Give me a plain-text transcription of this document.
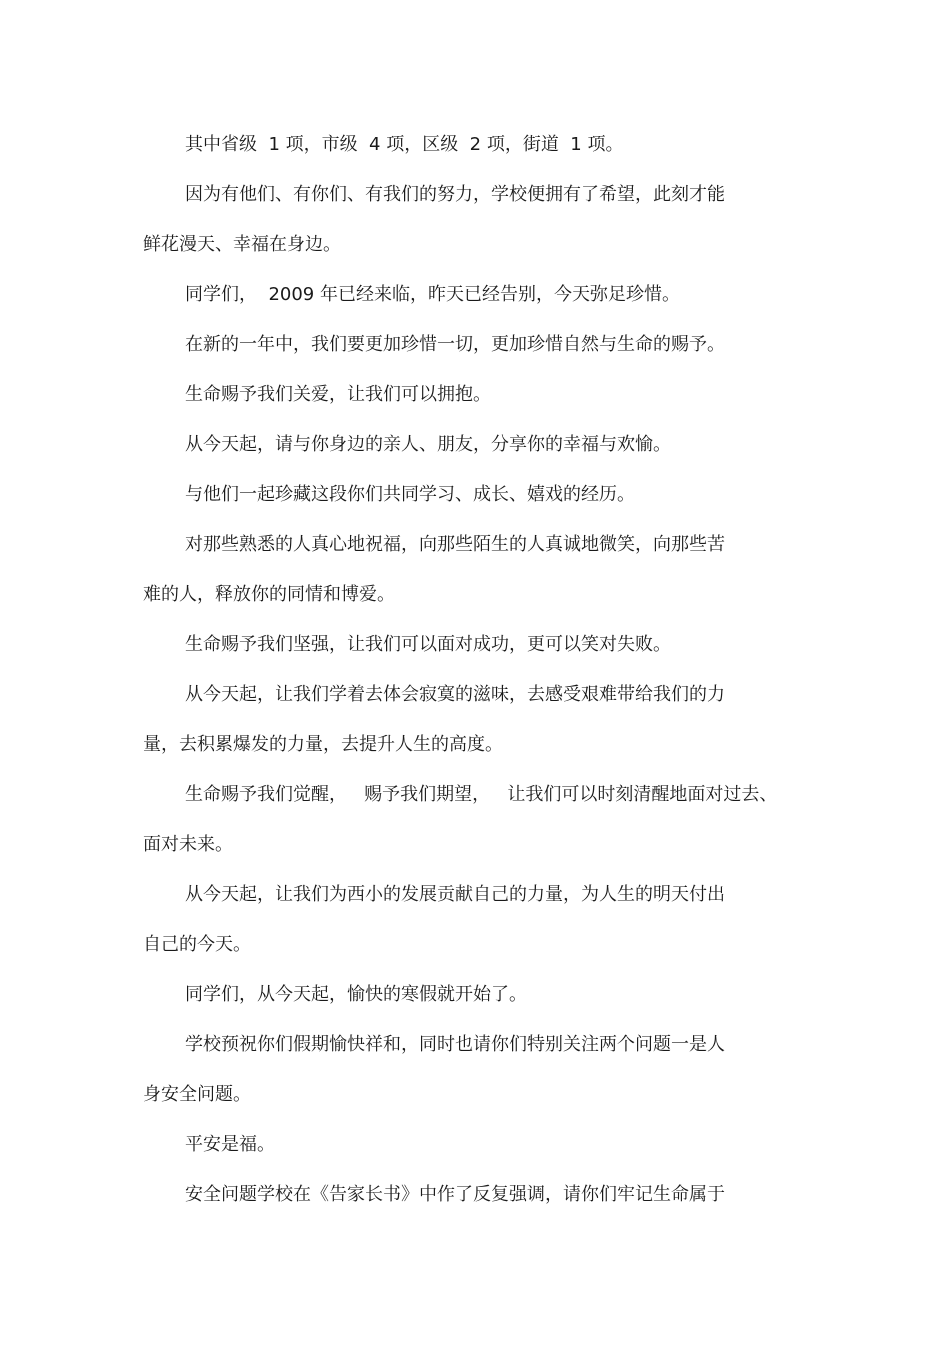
其中省级  1 项，市级  4 项，区级  2 项，街道  1 项。

因为有他们、有你们、有我们的努力，学校便拥有了希望，此刻才能
鲜花漫天、幸福在身边。

同学们，  2009 年已经来临，昨天已经告别，今天弥足珍惜。

在新的一年中，我们要更加珍惜一切，更加珍惜自然与生命的赐予。

生命赐予我们关爱，让我们可以拥抱。

从今天起，请与你身边的亲人、朋友，分享你的幸福与欢愉。

与他们一起珍藏这段你们共同学习、成长、嬉戏的经历。

对那些熟悉的人真心地祝福，向那些陌生的人真诚地微笑，向那些苦
难的人，释放你的同情和博爱。

生命赐予我们坚强，让我们可以面对成功，更可以笑对失败。

从今天起，让我们学着去体会寂寞的滋味，去感受艰难带给我们的力
量，去积累爆发的力量，去提升人生的高度。

生命赐予我们觉醒，   赐予我们期望，   让我们可以时刻清醒地面对过去、
面对未来。

从今天起，让我们为西小的发展贡献自己的力量，为人生的明天付出
自己的今天。

同学们，从今天起，愉快的寒假就开始了。

学校预祝你们假期愉快祥和，同时也请你们特别关注两个问题一是人
身安全问题。

平安是福。

安全问题学校在《告家长书》中作了反复强调，请你们牢记生命属于
